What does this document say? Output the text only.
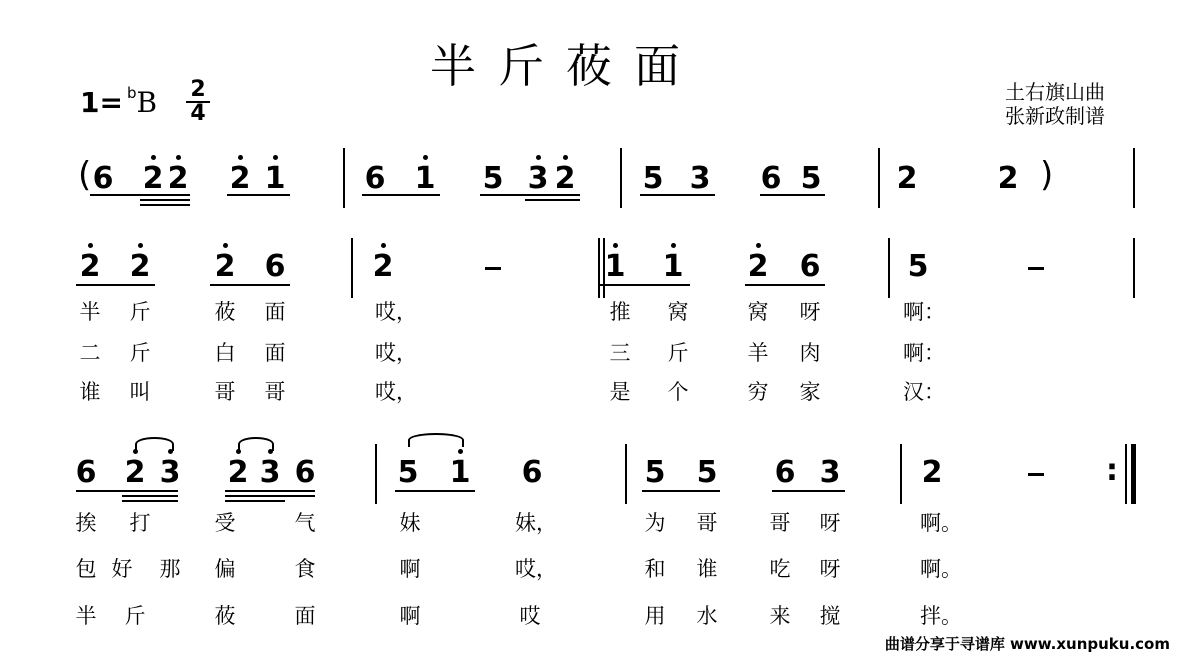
半斤莜面
1= $^b$B 2
4
土右旗山曲
张新政制谱
(	)
6 2 2 2 1	6 1 5 3 2 5 3 6 5	2	2
2 2 2 6	2	1 1 2 6	5
半 斤	莜 面	哎，	推 窝	窝 呀	啊：
二 斤	白 面	哎，	三 斤	羊 肉	啊：
谁 叫	哥 哥	哎，	是 个	穷 家	汉：
6 2 3 2 3 6	5 1 6	5 5 6 3	2	:
挨 打	受	气	妹	妹，	为 哥 哥 呀	啊。
包 好 那 偏	食	啊	哎，	和 谁 吃 呀	啊。
半 斤	莜	面	啊	哎	用 水 来 搅	拌。
曲谱分享于寻谱库 www.xunpuku.com
